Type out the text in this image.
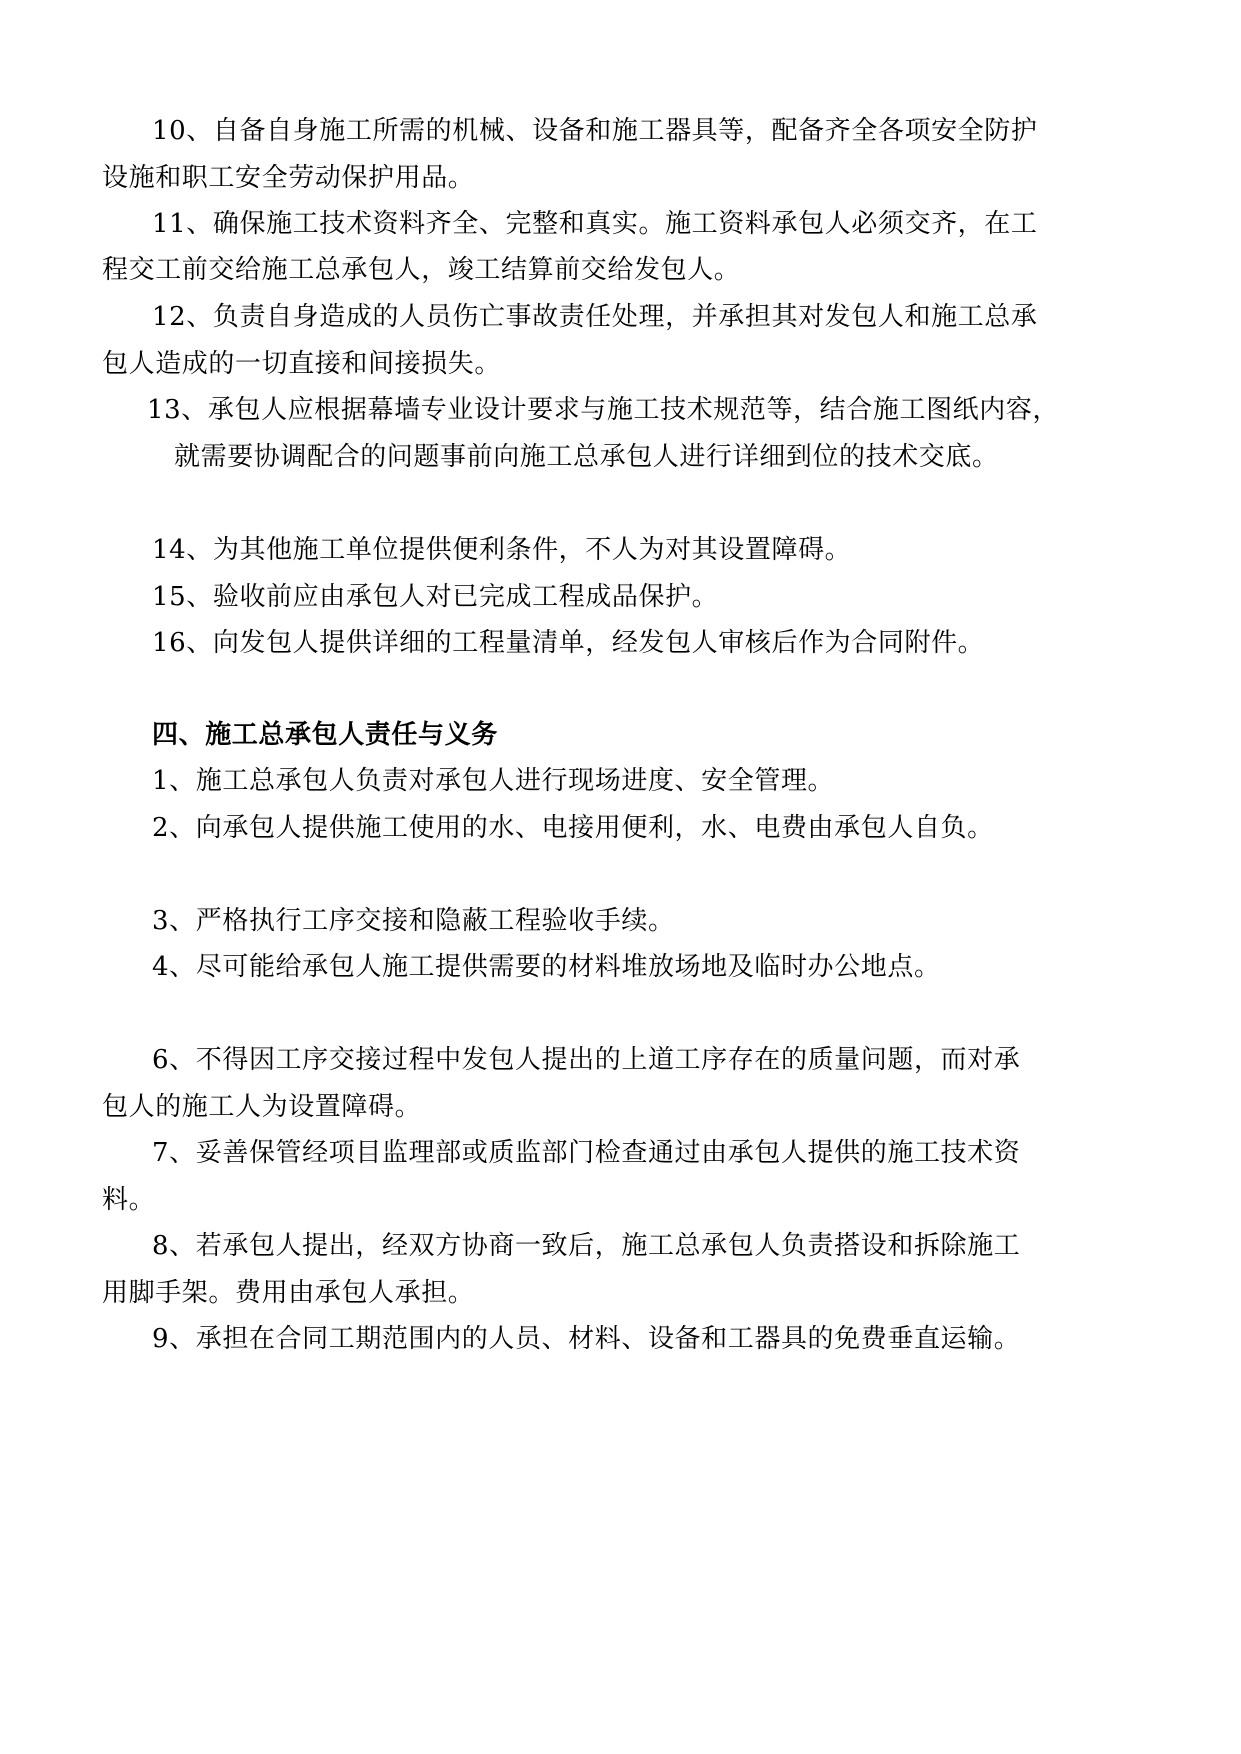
10、自备自身施工所需的机械、设备和施工器具等，配备齐全各项安全防护
设施和职工安全劳动保护用品。
11、确保施工技术资料齐全、完整和真实。施工资料承包人必须交齐，在工
程交工前交给施工总承包人，竣工结算前交给发包人。
12、负责自身造成的人员伤亡事故责任处理，并承担其对发包人和施工总承
包人造成的一切直接和间接损失。
13、承包人应根据幕墙专业设计要求与施工技术规范等，结合施工图纸内容，
就需要协调配合的问题事前向施工总承包人进行详细到位的技术交底。
14、为其他施工单位提供便利条件，不人为对其设置障碍。
15、验收前应由承包人对已完成工程成品保护。
16、向发包人提供详细的工程量清单，经发包人审核后作为合同附件。
四、施工总承包人责任与义务
1、施工总承包人负责对承包人进行现场进度、安全管理。
2、向承包人提供施工使用的水、电接用便利，水、电费由承包人自负。
3、严格执行工序交接和隐蔽工程验收手续。
4、尽可能给承包人施工提供需要的材料堆放场地及临时办公地点。
6、不得因工序交接过程中发包人提出的上道工序存在的质量问题，而对承
包人的施工人为设置障碍。
7、妥善保管经项目监理部或质监部门检查通过由承包人提供的施工技术资
料。
8、若承包人提出，经双方协商一致后，施工总承包人负责搭设和拆除施工
用脚手架。费用由承包人承担。
9、承担在合同工期范围内的人员、材料、设备和工器具的免费垂直运输。
